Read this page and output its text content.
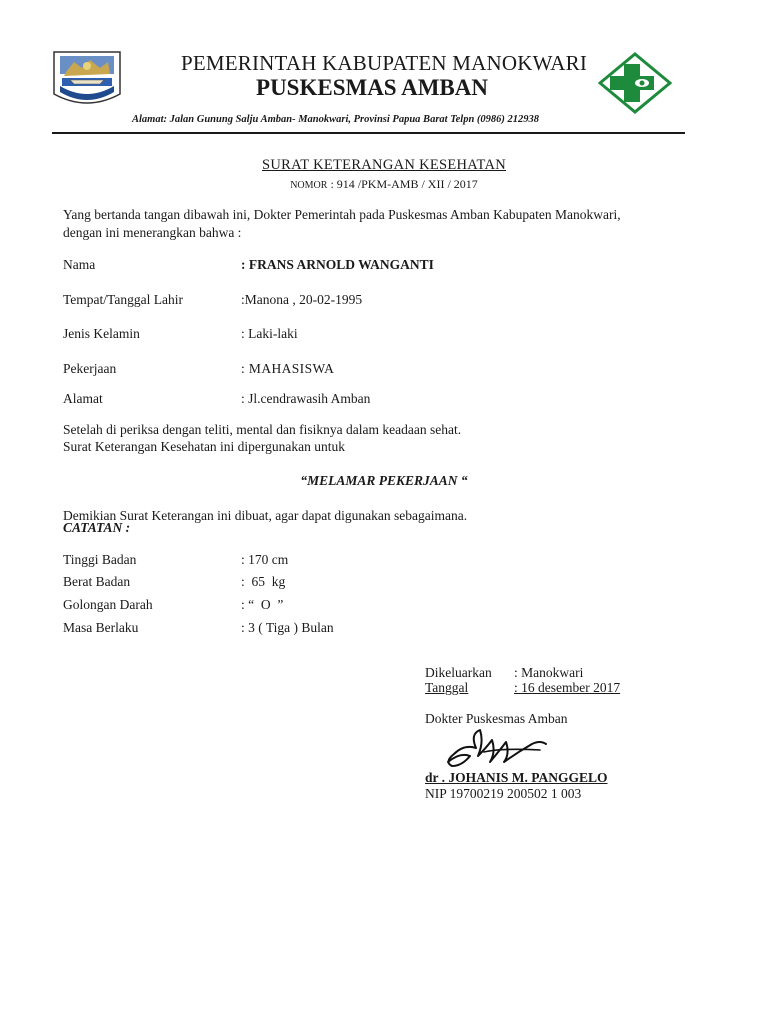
PEMERINTAH KABUPATEN MANOKWARI
PUSKESMAS AMBAN
Alamat: Jalan Gunung Salju Amban- Manokwari, Provinsi Papua Barat Telpn (0986) 212938
SURAT KETERANGAN KESEHATAN
NOMOR : 914 /PKM-AMB / XII / 2017
Yang bertanda tangan dibawah ini, Dokter Pemerintah pada Puskesmas Amban Kabupaten Manokwari,
dengan ini menerangkan bahwa :
Nama	: FRANS ARNOLD WANGANTI
Tempat/Tanggal Lahir	:Manona , 20-02-1995
Jenis Kelamin	: Laki-laki
Pekerjaan	: MAHASISWA
Alamat	: Jl.cendrawasih Amban
Setelah di periksa dengan teliti, mental dan fisiknya dalam keadaan sehat.
Surat Keterangan Kesehatan ini dipergunakan untuk
“MELAMAR PEKERJAAN “
Demikian Surat Keterangan ini dibuat, agar dapat digunakan sebagaimana.
CATATAN :
Tinggi Badan	: 170 cm
Berat Badan	:  65  kg
Golongan Darah	: “  O  ”
Masa Berlaku	: 3 ( Tiga ) Bulan
Dikeluarkan : Manokwari
Tanggal	: 16 desember 2017
Dokter Puskesmas Amban
dr . JOHANIS M. PANGGELO
NIP 19700219 200502 1 003
